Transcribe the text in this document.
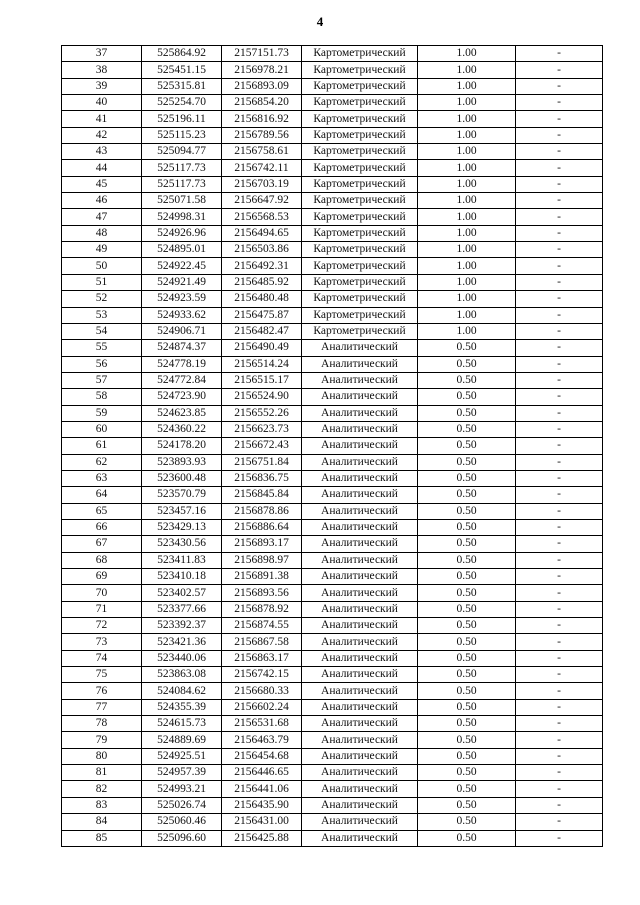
4
37	525864.92	2157151.73	Картометрический	1.00	-
38	525451.15	2156978.21	Картометрический	1.00	-
39	525315.81	2156893.09	Картометрический	1.00	-
40	525254.70	2156854.20	Картометрический	1.00	-
41	525196.11	2156816.92	Картометрический	1.00	-
42	525115.23	2156789.56	Картометрический	1.00	-
43	525094.77	2156758.61	Картометрический	1.00	-
44	525117.73	2156742.11	Картометрический	1.00	-
45	525117.73	2156703.19	Картометрический	1.00	-
46	525071.58	2156647.92	Картометрический	1.00	-
47	524998.31	2156568.53	Картометрический	1.00	-
48	524926.96	2156494.65	Картометрический	1.00	-
49	524895.01	2156503.86	Картометрический	1.00	-
50	524922.45	2156492.31	Картометрический	1.00	-
51	524921.49	2156485.92	Картометрический	1.00	-
52	524923.59	2156480.48	Картометрический	1.00	-
53	524933.62	2156475.87	Картометрический	1.00	-
54	524906.71	2156482.47	Картометрический	1.00	-
55	524874.37	2156490.49	Аналитический	0.50	-
56	524778.19	2156514.24	Аналитический	0.50	-
57	524772.84	2156515.17	Аналитический	0.50	-
58	524723.90	2156524.90	Аналитический	0.50	-
59	524623.85	2156552.26	Аналитический	0.50	-
60	524360.22	2156623.73	Аналитический	0.50	-
61	524178.20	2156672.43	Аналитический	0.50	-
62	523893.93	2156751.84	Аналитический	0.50	-
63	523600.48	2156836.75	Аналитический	0.50	-
64	523570.79	2156845.84	Аналитический	0.50	-
65	523457.16	2156878.86	Аналитический	0.50	-
66	523429.13	2156886.64	Аналитический	0.50	-
67	523430.56	2156893.17	Аналитический	0.50	-
68	523411.83	2156898.97	Аналитический	0.50	-
69	523410.18	2156891.38	Аналитический	0.50	-
70	523402.57	2156893.56	Аналитический	0.50	-
71	523377.66	2156878.92	Аналитический	0.50	-
72	523392.37	2156874.55	Аналитический	0.50	-
73	523421.36	2156867.58	Аналитический	0.50	-
74	523440.06	2156863.17	Аналитический	0.50	-
75	523863.08	2156742.15	Аналитический	0.50	-
76	524084.62	2156680.33	Аналитический	0.50	-
77	524355.39	2156602.24	Аналитический	0.50	-
78	524615.73	2156531.68	Аналитический	0.50	-
79	524889.69	2156463.79	Аналитический	0.50	-
80	524925.51	2156454.68	Аналитический	0.50	-
81	524957.39	2156446.65	Аналитический	0.50	-
82	524993.21	2156441.06	Аналитический	0.50	-
83	525026.74	2156435.90	Аналитический	0.50	-
84	525060.46	2156431.00	Аналитический	0.50	-
85	525096.60	2156425.88	Аналитический	0.50	-
